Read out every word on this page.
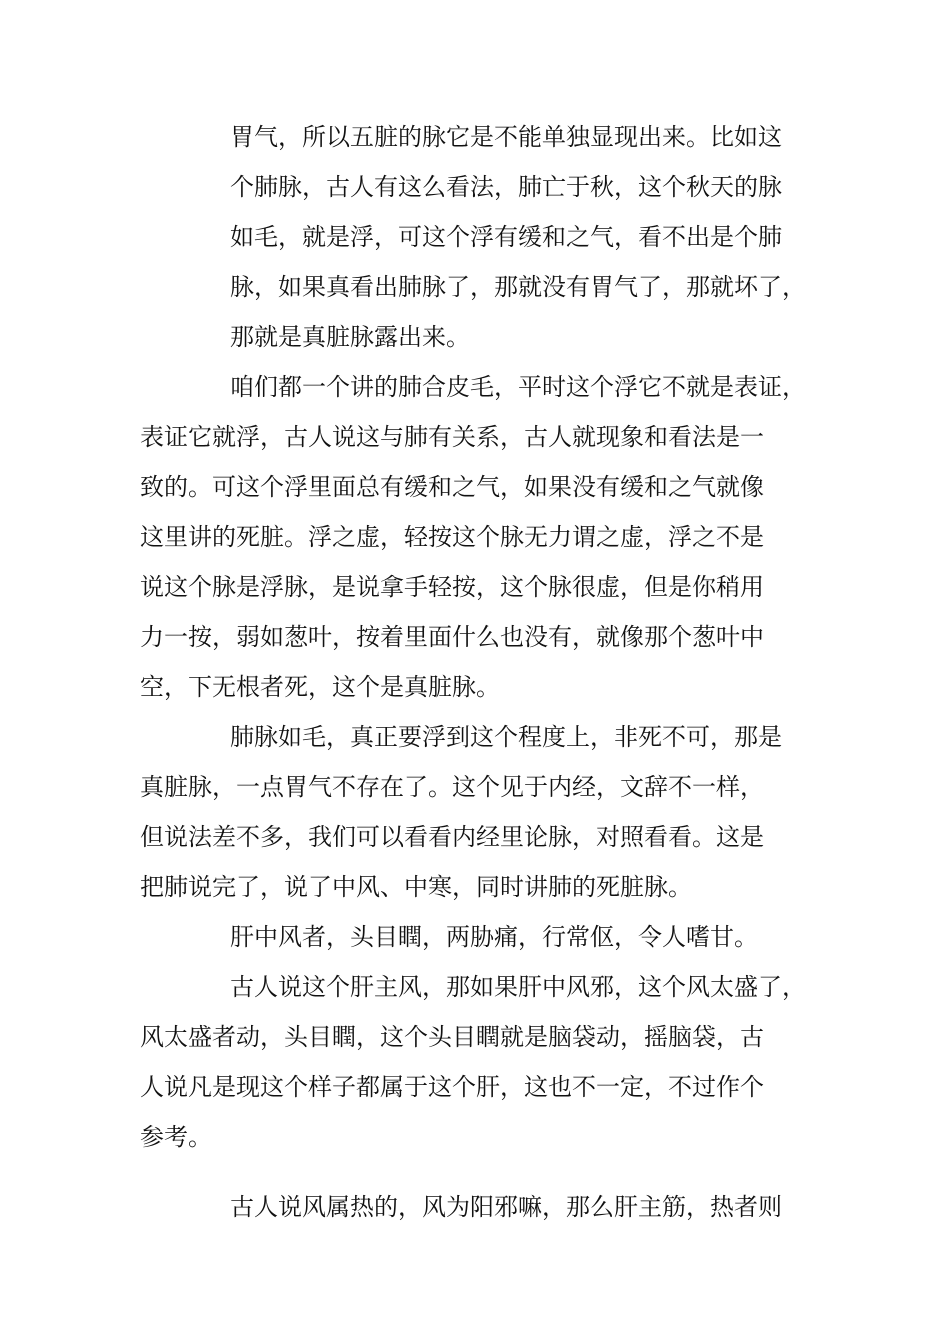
胃气，所以五脏的脉它是不能单独显现出来。比如这
个肺脉，古人有这么看法，肺亡于秋，这个秋天的脉
如毛，就是浮，可这个浮有缓和之气，看不出是个肺
脉，如果真看出肺脉了，那就没有胃气了，那就坏了，
那就是真脏脉露出来。
咱们都一个讲的肺合皮毛，平时这个浮它不就是表证，
表证它就浮，古人说这与肺有关系，古人就现象和看法是一
致的。可这个浮里面总有缓和之气，如果没有缓和之气就像
这里讲的死脏。浮之虚，轻按这个脉无力谓之虚，浮之不是
说这个脉是浮脉，是说拿手轻按，这个脉很虚，但是你稍用
力一按，弱如葱叶，按着里面什么也没有，就像那个葱叶中
空，下无根者死，这个是真脏脉。
肺脉如毛，真正要浮到这个程度上，非死不可，那是
真脏脉，一点胃气不存在了。这个见于内经，文辞不一样，
但说法差不多，我们可以看看内经里论脉，对照看看。这是
把肺说完了，说了中风、中寒，同时讲肺的死脏脉。
肝中风者，头目瞤，两胁痛，行常伛，令人嗜甘。
古人说这个肝主风，那如果肝中风邪，这个风太盛了，
风太盛者动，头目瞤，这个头目瞤就是脑袋动，摇脑袋，古
人说凡是现这个样子都属于这个肝，这也不一定，不过作个
参考。
古人说风属热的，风为阳邪嘛，那么肝主筋，热者则
